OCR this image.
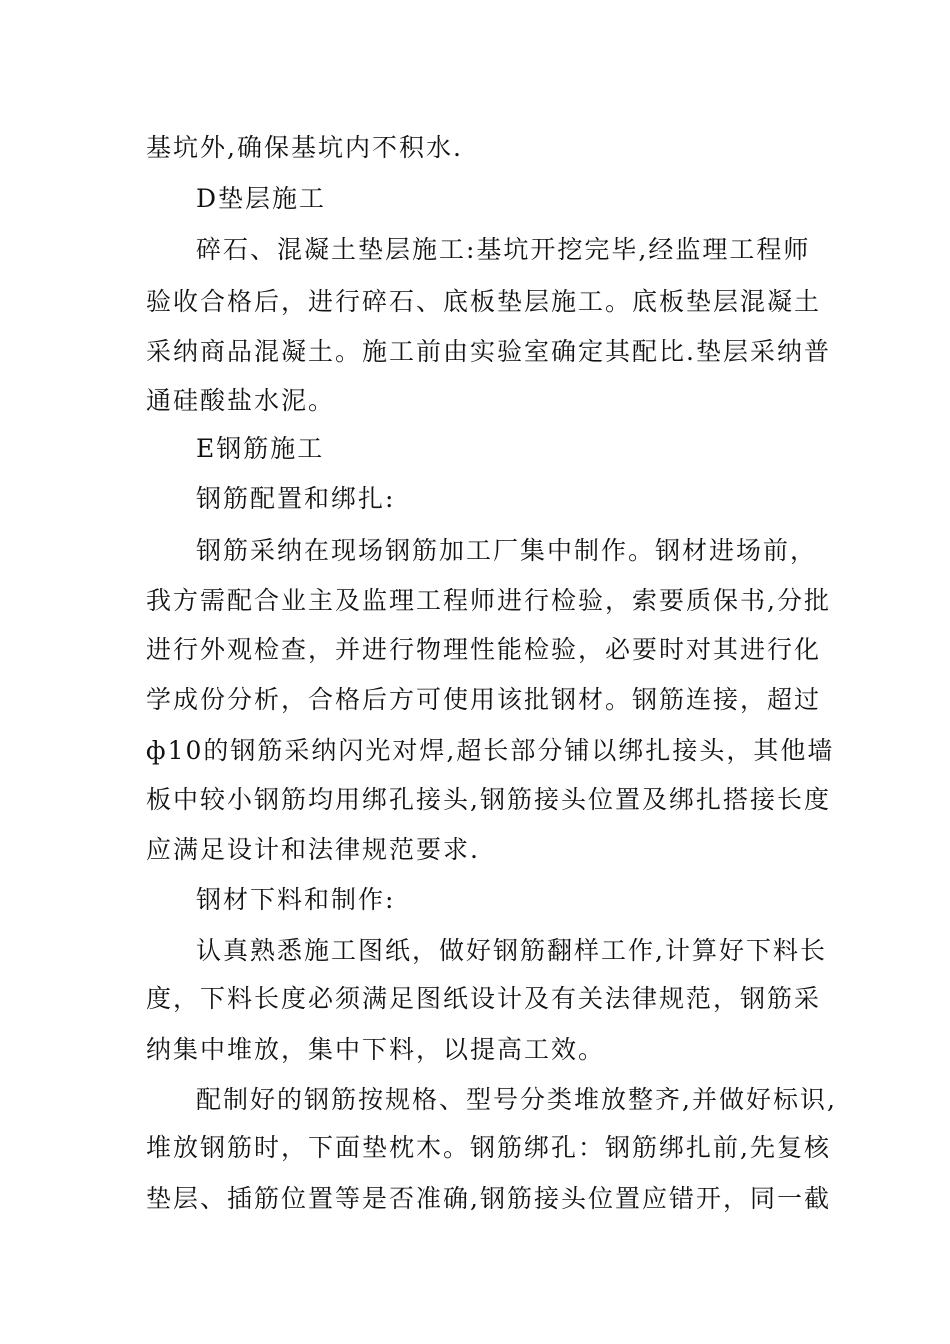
基坑外,确保基坑内不积水.
D垫层施工
碎石、混凝土垫层施工:基坑开挖完毕,经监理工程师
验收合格后，进行碎石、底板垫层施工。底板垫层混凝土
采纳商品混凝土。施工前由实验室确定其配比.垫层采纳普
通硅酸盐水泥。
E钢筋施工
钢筋配置和绑扎:
钢筋采纳在现场钢筋加工厂集中制作。钢材进场前，
我方需配合业主及监理工程师进行检验，索要质保书,分批
进行外观检查，并进行物理性能检验，必要时对其进行化
学成份分析，合格后方可使用该批钢材。钢筋连接，超过
ф10的钢筋采纳闪光对焊,超长部分铺以绑扎接头，其他墙
板中较小钢筋均用绑孔接头,钢筋接头位置及绑扎搭接长度
应满足设计和法律规范要求.
钢材下料和制作:
认真熟悉施工图纸，做好钢筋翻样工作,计算好下料长
度，下料长度必须满足图纸设计及有关法律规范，钢筋采
纳集中堆放，集中下料，以提高工效。
配制好的钢筋按规格、型号分类堆放整齐,并做好标识,
堆放钢筋时，下面垫枕木。钢筋绑孔：钢筋绑扎前,先复核
垫层、插筋位置等是否准确,钢筋接头位置应错开，同一截
